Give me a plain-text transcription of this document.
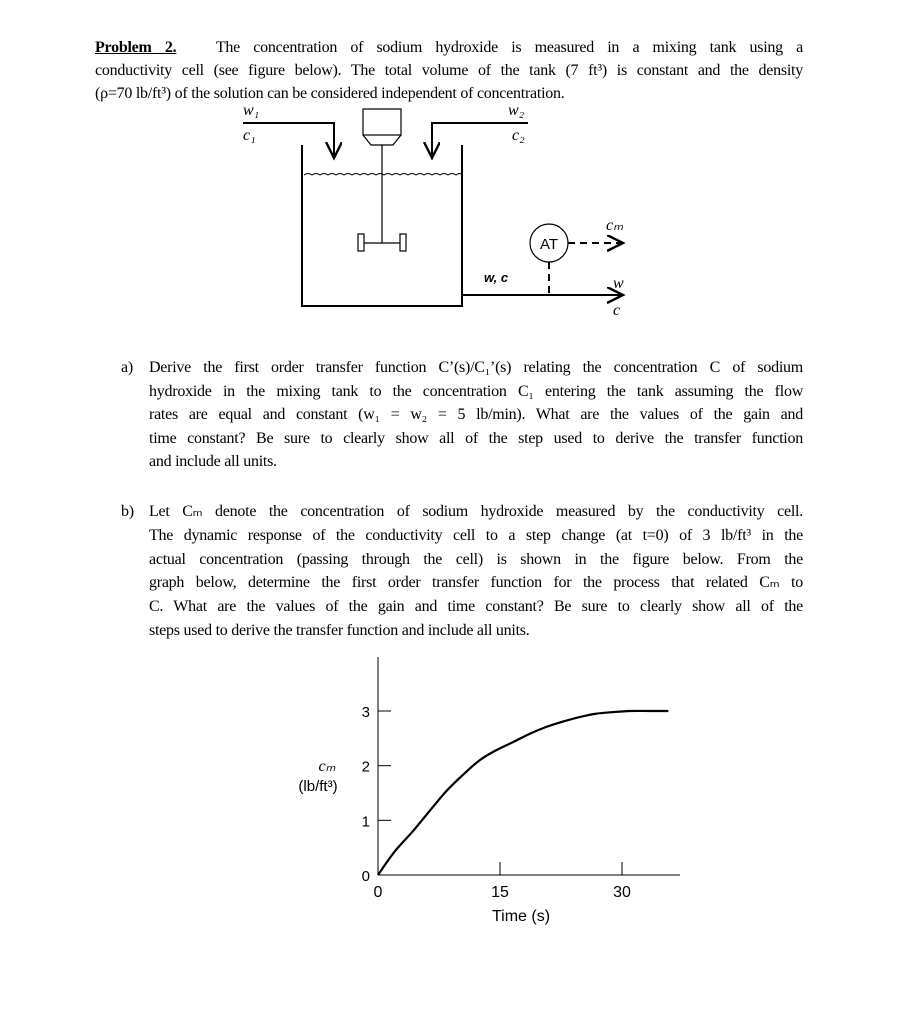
Problem 2. The concentration of sodium hydroxide is measured in a mixing tank using a
conductivity cell (see figure below). The total volume of the tank (7 ft³) is constant and the density
(ρ=70 lb/ft³) of the solution can be considered independent of concentration.
w₁
c₁
w₂
c₂
AT
cₘ
w, c	w
c
a) Derive the first order transfer function C’(s)/C₁’(s) relating the concentration C of sodium
hydroxide in the mixing tank to the concentration C₁ entering the tank assuming the flow
rates are equal and constant (w₁ = w₂ = 5 lb/min). What are the values of the gain and
time constant? Be sure to clearly show all of the step used to derive the transfer function
and include all units.
b) Let Cₘ denote the concentration of sodium hydroxide measured by the conductivity cell.
The dynamic response of the conductivity cell to a step change (at t=0) of 3 lb/ft³ in the
actual concentration (passing through the cell) is shown in the figure below. From the
graph below, determine the first order transfer function for the process that related Cₘ to
C. What are the values of the gain and time constant? Be sure to clearly show all of the
steps used to derive the transfer function and include all units.
0
1
2
3
0	15	30
cₘ
(lb/ft³)
Time (s)
